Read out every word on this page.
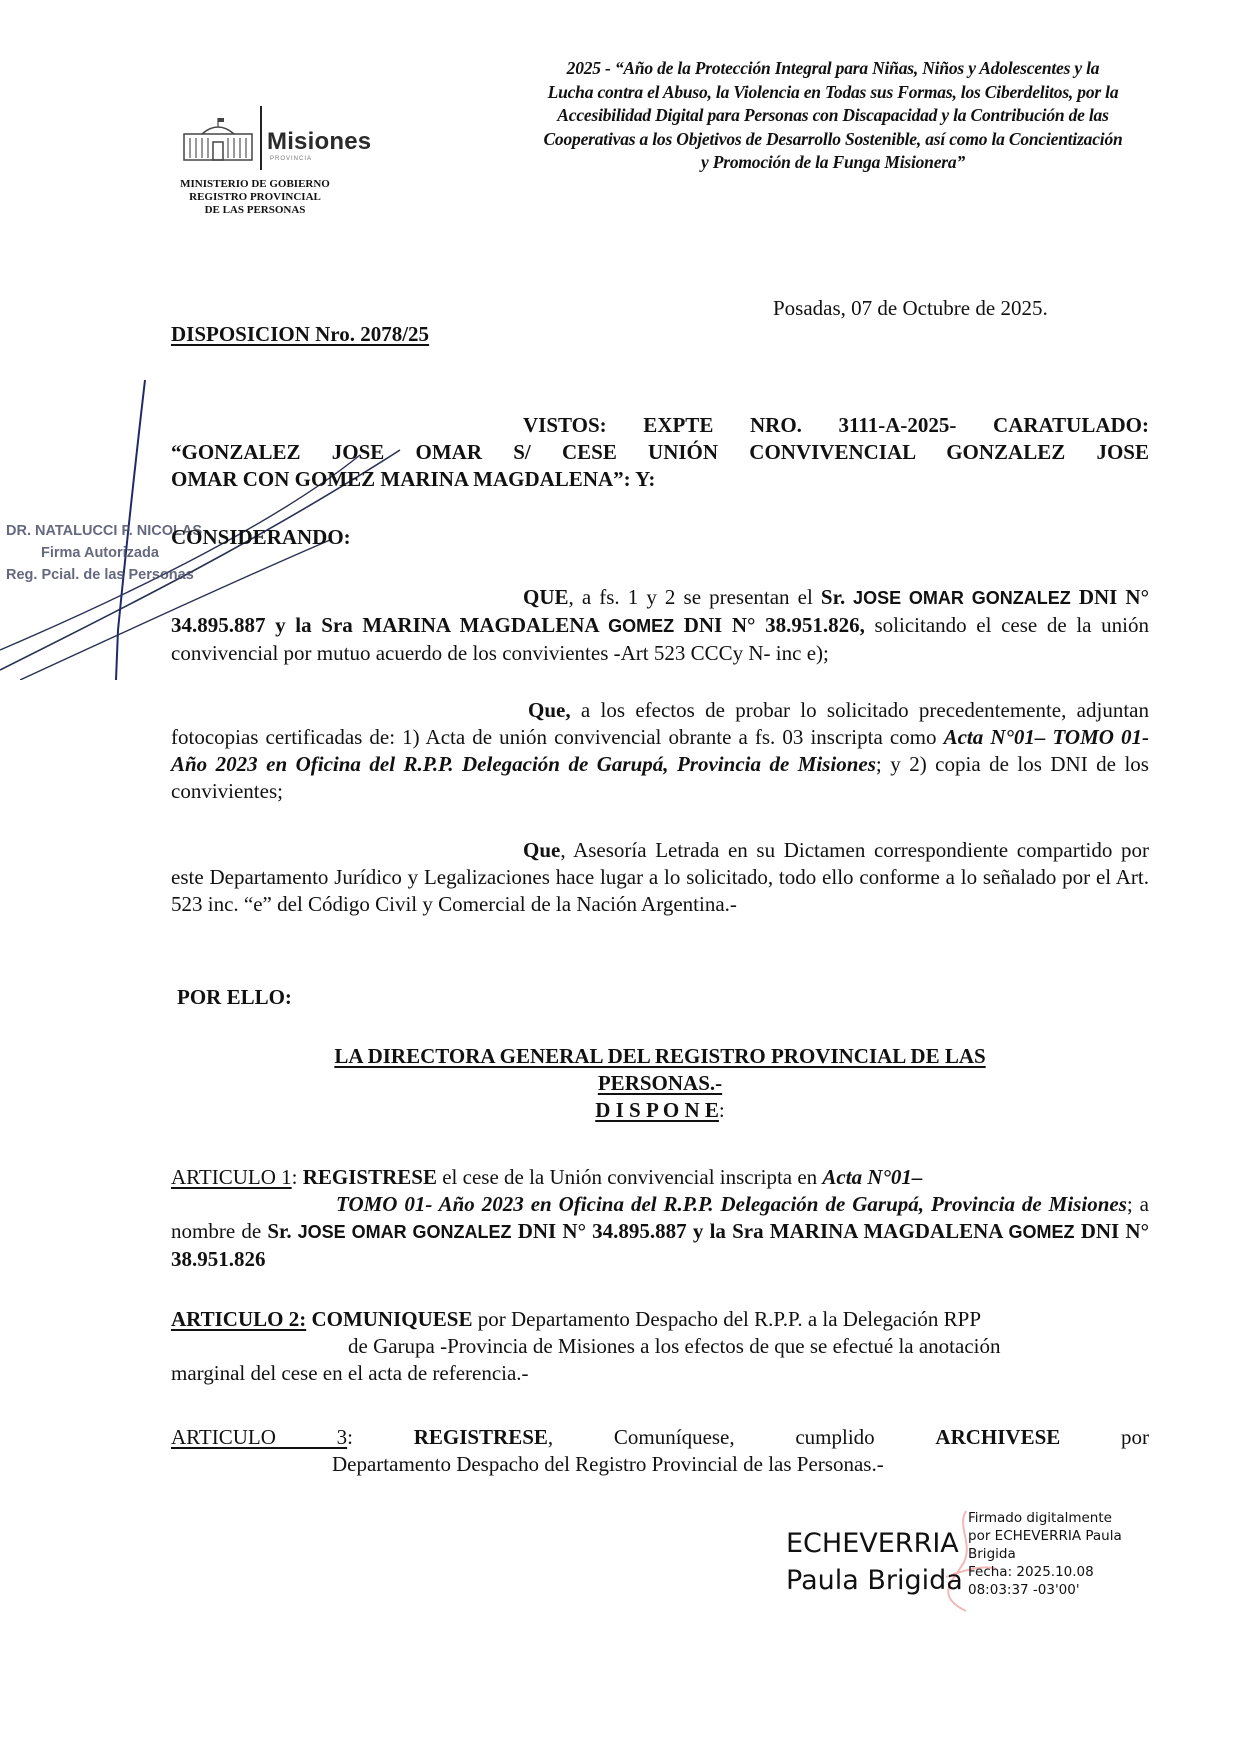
Misiones
PROVINCIA
MINISTERIO DE GOBIERNO
REGISTRO PROVINCIAL
DE LAS PERSONAS
2025 - “Año de la Protección Integral para Niñas, Niños y Adolescentes y la
Lucha contra el Abuso, la Violencia en Todas sus Formas, los Ciberdelitos, por la
Accesibilidad Digital para Personas con Discapacidad y la Contribución de las
Cooperativas a los Objetivos de Desarrollo Sostenible, así como la Concientización
y Promoción de la Funga Misionera”
Posadas, 07 de Octubre de 2025.
DISPOSICION Nro. 2078/25
DR. NATALUCCI F. NICOLAS
Firma Autorizada
Reg. Pcial. de las Personas
VISTOS: EXPTE NRO. 3111-A-2025- CARATULADO:
“GONZALEZ JOSE OMAR S/ CESE UNIÓN CONVIVENCIAL GONZALEZ JOSE
OMAR CON GOMEZ MARINA MAGDALENA”: Y:
CONSIDERANDO:
QUE, a fs. 1 y 2 se presentan el Sr. JOSE OMAR GONZALEZ DNI N° 34.895.887 y la Sra MARINA MAGDALENA GOMEZ DNI N° 38.951.826, solicitando el cese de la unión convivencial por mutuo acuerdo de los convivientes -Art 523 CCCy N- inc e);
Que, a los efectos de probar lo solicitado precedentemente, adjuntan fotocopias certificadas de: 1) Acta de unión convivencial obrante a fs. 03 inscripta como Acta N°01– TOMO 01- Año 2023 en Oficina del R.P.P. Delegación de Garupá, Provincia de Misiones; y 2) copia de los DNI de los convivientes;
Que, Asesoría Letrada en su Dictamen correspondiente compartido por este Departamento Jurídico y Legalizaciones hace lugar a lo solicitado, todo ello conforme a lo señalado por el Art. 523 inc. “e” del Código Civil y Comercial de la Nación Argentina.-
POR ELLO:
LA DIRECTORA GENERAL DEL REGISTRO PROVINCIAL DE LAS
PERSONAS.-
D I S P O N E:
ARTICULO 1: REGISTRESE el cese de la Unión convivencial inscripta en Acta N°01–
TOMO 01- Año 2023 en Oficina del R.P.P. Delegación de Garupá, Provincia de Misiones; a nombre de Sr. JOSE OMAR GONZALEZ DNI N° 34.895.887 y la Sra MARINA MAGDALENA GOMEZ DNI N° 38.951.826
ARTICULO 2: COMUNIQUESE por Departamento Despacho del R.P.P. a la Delegación RPP
de Garupa -Provincia de Misiones a los efectos de que se efectué la anotación
marginal del cese en el acta de referencia.-
ARTICULO 3: REGISTRESE, Comuníquese, cumplido ARCHIVESE por
Departamento Despacho del Registro Provincial de las Personas.-
ECHEVERRIA
Paula Brigida
Firmado digitalmente
por ECHEVERRIA Paula
Brigida
Fecha: 2025.10.08
08:03:37 -03'00'
